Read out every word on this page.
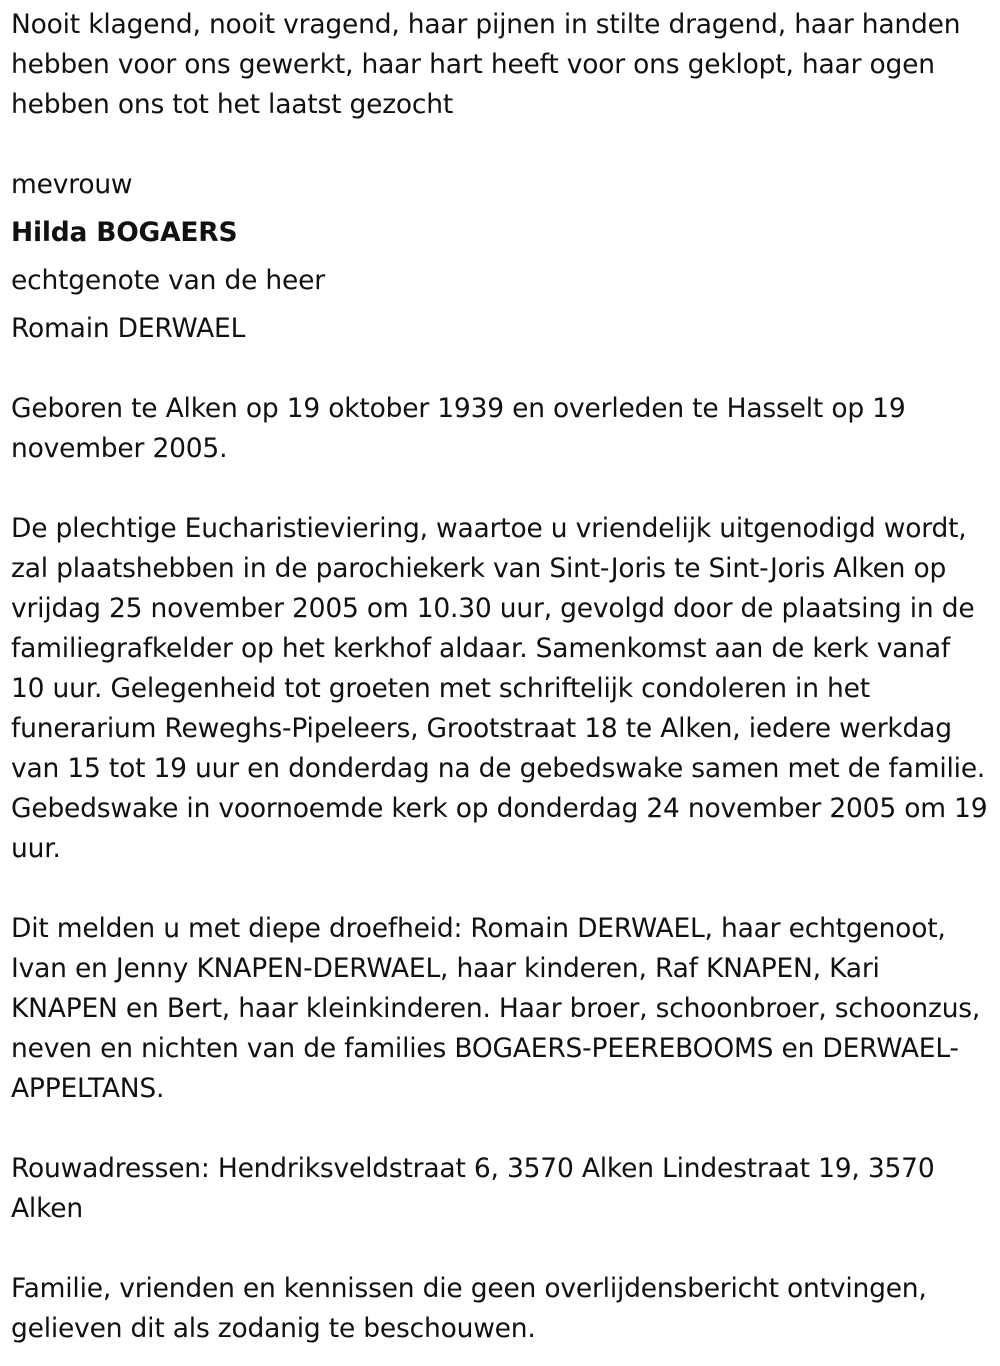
Nooit klagend, nooit vragend, haar pijnen in stilte dragend, haar handen hebben voor ons gewerkt, haar hart heeft voor ons geklopt, haar ogen hebben ons tot het laatst gezocht

mevrouw

Hilda BOGAERS

echtgenote van de heer

Romain DERWAEL

Geboren te Alken op 19 oktober 1939 en overleden te Hasselt op 19 november 2005.

De plechtige Eucharistieviering, waartoe u vriendelijk uitgenodigd wordt, zal plaatshebben in de parochiekerk van Sint-Joris te Sint-Joris Alken op vrijdag 25 november 2005 om 10.30 uur, gevolgd door de plaatsing in de familiegrafkelder op het kerkhof aldaar. Samenkomst aan de kerk vanaf 10 uur. Gelegenheid tot groeten met schriftelijk condoleren in het funerarium Reweghs-Pipeleers, Grootstraat 18 te Alken, iedere werkdag van 15 tot 19 uur en donderdag na de gebedswake samen met de familie. Gebedswake in voornoemde kerk op donderdag 24 november 2005 om 19 uur.

Dit melden u met diepe droefheid: Romain DERWAEL, haar echtgenoot, Ivan en Jenny KNAPEN-DERWAEL, haar kinderen, Raf KNAPEN, Kari KNAPEN en Bert, haar kleinkinderen. Haar broer, schoonbroer, schoonzus, neven en nichten van de families BOGAERS-PEEREBOOMS en DERWAEL-APPELTANS.

Rouwadressen: Hendriksveldstraat 6, 3570 Alken Lindestraat 19, 3570 Alken

Familie, vrienden en kennissen die geen overlijdensbericht ontvingen, gelieven dit als zodanig te beschouwen.
